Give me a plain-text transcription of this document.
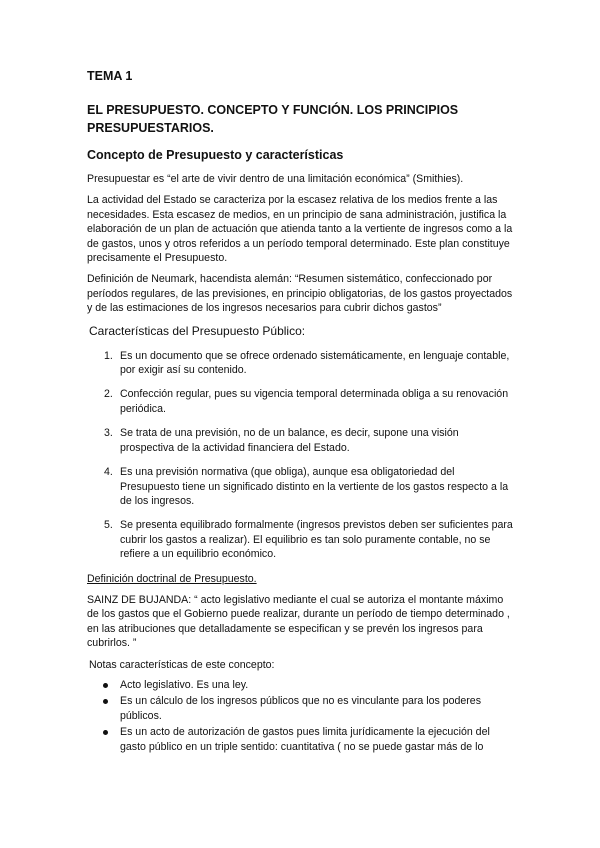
TEMA 1
EL PRESUPUESTO. CONCEPTO Y FUNCIÓN. LOS PRINCIPIOS
PRESUPUESTARIOS.
Concepto de Presupuesto y características

Presupuestar es “el arte de vivir dentro de una limitación económica” (Smithies).

La actividad del Estado se caracteriza por la escasez relativa de los medios frente a las necesidades. Esta escasez de medios, en un principio de sana administración, justifica la elaboración de un plan de actuación que atienda tanto a la vertiente de ingresos como a la de gastos, unos y otros referidos a un período temporal determinado. Este plan constituye precisamente el Presupuesto.

Definición de Neumark, hacendista alemán: “Resumen sistemático, confeccionado por períodos regulares, de las previsiones, en principio obligatorias, de los gastos proyectados y de las estimaciones de los ingresos necesarios para cubrir dichos gastos”

Características del Presupuesto Público:
1. Es un documento que se ofrece ordenado sistemáticamente, en lenguaje contable, por exigir así su contenido.
2. Confección regular, pues su vigencia temporal determinada obliga a su renovación periódica.
3. Se trata de una previsión, no de un balance, es decir, supone una visión prospectiva de la actividad financiera del Estado.
4. Es una previsión normativa (que obliga), aunque esa obligatoriedad del Presupuesto tiene un significado distinto en la vertiente de los gastos respecto a la de los ingresos.
5. Se presenta equilibrado formalmente (ingresos previstos deben ser suficientes para cubrir los gastos a realizar). El equilibrio es tan solo puramente contable, no se refiere a un equilibrio económico.
Definición doctrinal de Presupuesto.

SAINZ DE BUJANDA: “ acto legislativo mediante el cual se autoriza el montante máximo de los gastos que el Gobierno puede realizar, durante un período de tiempo determinado , en las atribuciones que detalladamente se especifican y se prevén los ingresos para cubrirlos. ”

Notas características de este concepto:
Acto legislativo. Es una ley.
Es un cálculo de los ingresos públicos que no es vinculante para los poderes públicos.
Es un acto de autorización de gastos pues limita jurídicamente la ejecución del gasto público en un triple sentido: cuantitativa ( no se puede gastar más de lo
